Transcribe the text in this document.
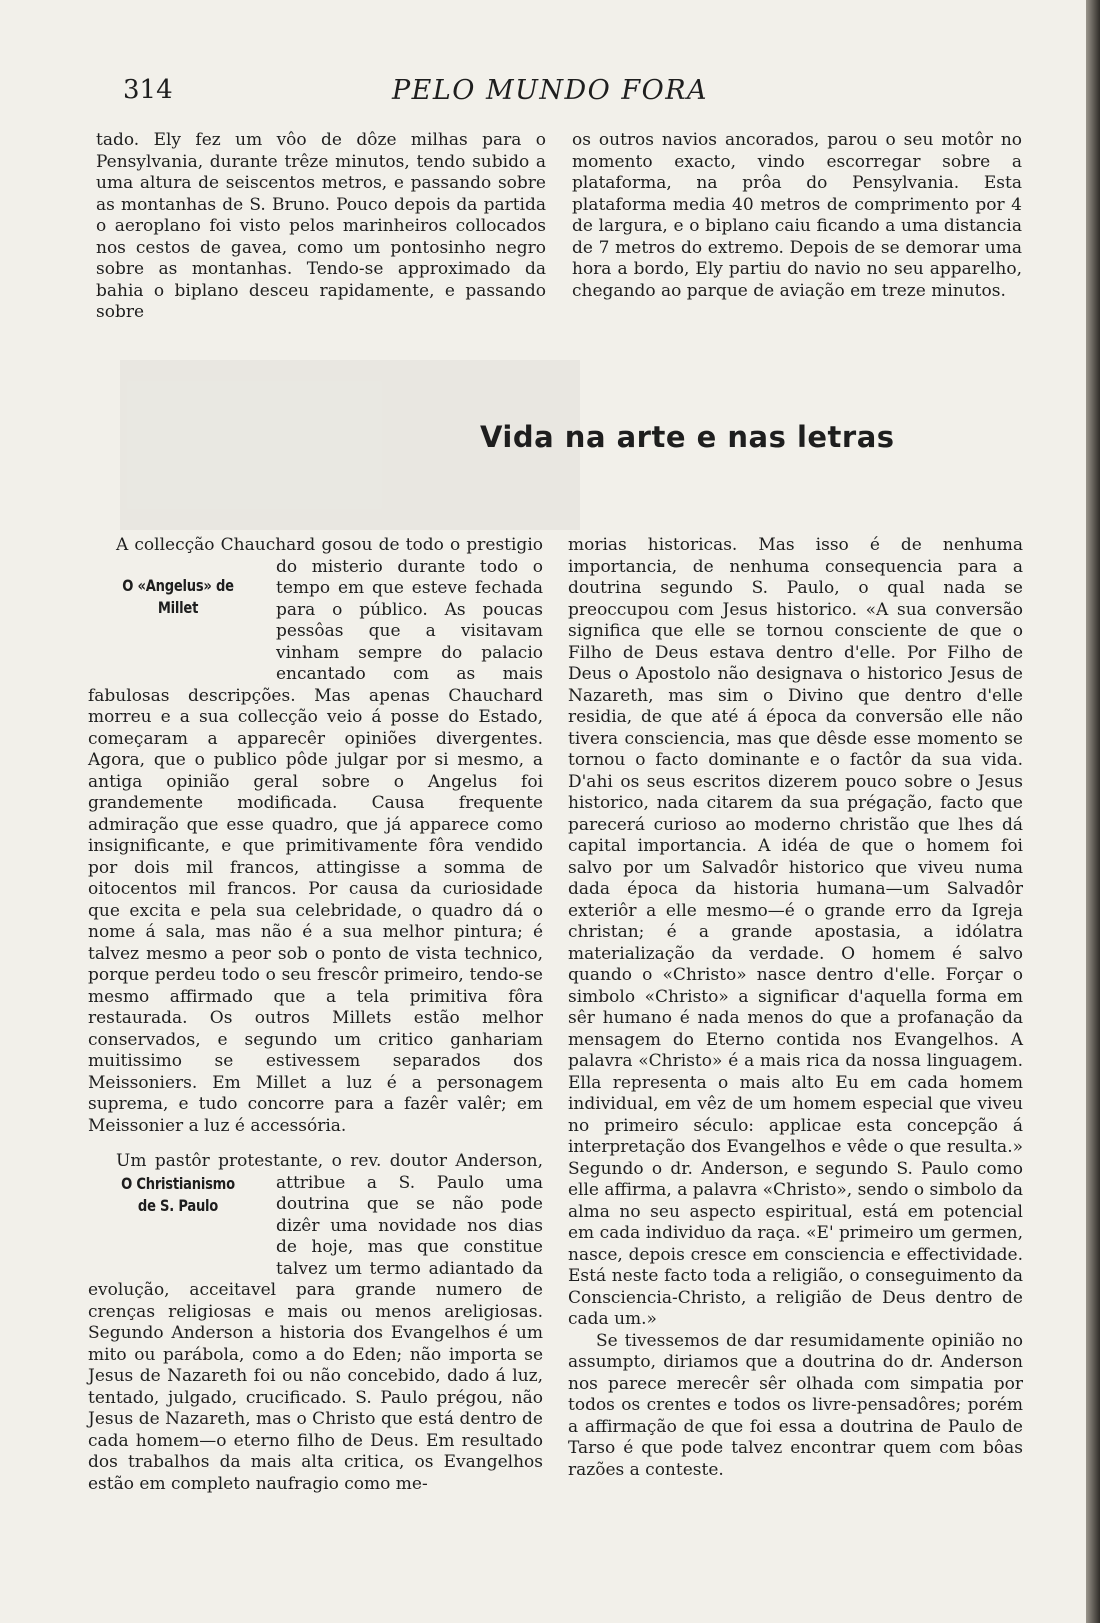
314	PELO MUNDO FORA

tado. Ely fez um vôo de dôze milhas para o Pensylvania, durante trêze minutos, tendo subido a uma altura de seiscentos metros, e passando sobre as montanhas de S. Bruno. Pouco depois da partida o aeroplano foi visto pelos marinheiros collocados nos cestos de gavea, como um pontosinho negro sobre as montanhas. Tendo-se approximado da bahia o biplano desceu rapidamente, e passando sobre

os outros navios ancorados, parou o seu motôr no momento exacto, vindo escorregar sobre a plataforma, na prôa do Pensylvania. Esta plataforma media 40 metros de comprimento por 4 de largura, e o biplano caiu ficando a uma distancia de 7 metros do extremo. Depois de se demorar uma hora a bordo, Ely partiu do navio no seu apparelho, chegando ao parque de aviação em treze minutos.

Vida na arte e nas letras
O «Angelus» de Millet

A collecção Chauchard gosou de todo o prestigio do misterio durante todo o tempo em que esteve fechada para o público. As poucas pessôas que a visitavam vinham sempre do palacio encantado com as mais fabulosas descripções. Mas apenas Chauchard morreu e a sua collecção veio á posse do Estado, começaram a apparecêr opiniões divergentes. Agora, que o publico pôde julgar por si mesmo, a antiga opinião geral sobre o Angelus foi grandemente modificada. Causa frequente admiração que esse quadro, que já apparece como insignificante, e que primitivamente fôra vendido por dois mil francos, attingisse a somma de oitocentos mil francos. Por causa da curiosidade que excita e pela sua celebridade, o quadro dá o nome á sala, mas não é a sua melhor pintura; é talvez mesmo a peor sob o ponto de vista technico, porque perdeu todo o seu frescôr primeiro, tendo-se mesmo affirmado que a tela primitiva fôra restaurada. Os outros Millets estão melhor conservados, e segundo um critico ganhariam muitissimo se estivessem separados dos Meissoniers. Em Millet a luz é a personagem suprema, e tudo concorre para a fazêr valêr; em Meissonier a luz é accessória.

O Christianismo
de S. Paulo

Um pastôr protestante, o rev. doutor Anderson, attribue a S. Paulo uma doutrina que se não pode dizêr uma novidade nos dias de hoje, mas que constitue talvez um termo adiantado da evolução, acceitavel para grande numero de crenças religiosas e mais ou menos areligiosas. Segundo Anderson a historia dos Evangelhos é um mito ou parábola, como a do Eden; não importa se Jesus de Nazareth foi ou não concebido, dado á luz, tentado, julgado, crucificado. S. Paulo prégou, não Jesus de Nazareth, mas o Christo que está dentro de cada homem—o eterno filho de Deus. Em resultado dos trabalhos da mais alta critica, os Evangelhos estão em completo naufragio como me-

morias historicas. Mas isso é de nenhuma importancia, de nenhuma consequencia para a doutrina segundo S. Paulo, o qual nada se preoccupou com Jesus historico. «A sua conversão significa que elle se tornou consciente de que o Filho de Deus estava dentro d'elle. Por Filho de Deus o Apostolo não designava o historico Jesus de Nazareth, mas sim o Divino que dentro d'elle residia, de que até á época da conversão elle não tivera consciencia, mas que dêsde esse momento se tornou o facto dominante e o factôr da sua vida. D'ahi os seus escritos dizerem pouco sobre o Jesus historico, nada citarem da sua prégação, facto que parecerá curioso ao moderno christão que lhes dá capital importancia. A idéa de que o homem foi salvo por um Salvadôr historico que viveu numa dada época da historia humana—um Salvadôr exteriôr a elle mesmo—é o grande erro da Igreja christan; é a grande apostasia, a idólatra materialização da verdade. O homem é salvo quando o «Christo» nasce dentro d'elle. Forçar o simbolo «Christo» a significar d'aquella forma em sêr humano é nada menos do que a profanação da mensagem do Eterno contida nos Evangelhos. A palavra «Christo» é a mais rica da nossa linguagem. Ella representa o mais alto Eu em cada homem individual, em vêz de um homem especial que viveu no primeiro século: applicae esta concepção á interpretação dos Evangelhos e vêde o que resulta.» Segundo o dr. Anderson, e segundo S. Paulo como elle affirma, a palavra «Christo», sendo o simbolo da alma no seu aspecto espiritual, está em potencial em cada individuo da raça. «E' primeiro um germen, nasce, depois cresce em consciencia e effectividade. Está neste facto toda a religião, o conseguimento da Consciencia-Christo, a religião de Deus dentro de cada um.»

Se tivessemos de dar resumidamente opinião no assumpto, diriamos que a doutrina do dr. Anderson nos parece merecêr sêr olhada com simpatia por todos os crentes e todos os livre-pensadôres; porém a affirmação de que foi essa a doutrina de Paulo de Tarso é que pode talvez encontrar quem com bôas razões a conteste.
